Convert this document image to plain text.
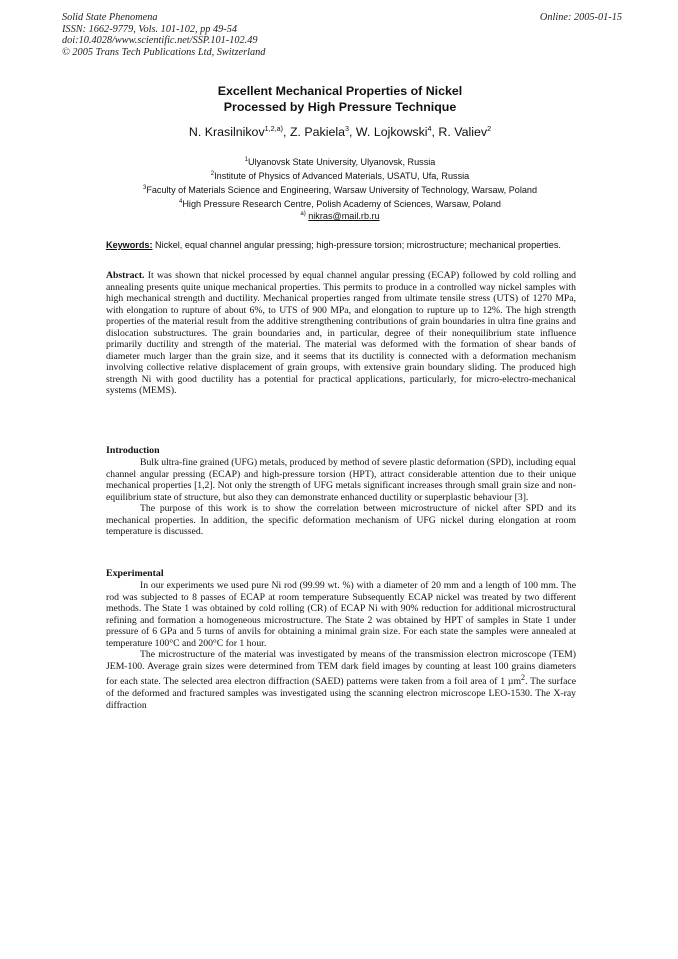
Solid State Phenomena
ISSN: 1662-9779, Vols. 101-102, pp 49-54
doi:10.4028/www.scientific.net/SSP.101-102.49
© 2005 Trans Tech Publications Ltd, Switzerland
Online: 2005-01-15
Excellent Mechanical Properties of Nickel
Processed by High Pressure Technique
N. Krasilnikov$^{1,2,a)}$, Z. Pakiela$^3$, W. Lojkowski$^4$, R. Valiev$^2$
$^1$Ulyanovsk State University, Ulyanovsk, Russia
$^2$Institute of Physics of Advanced Materials, USATU, Ufa, Russia
$^3$Faculty of Materials Science and Engineering, Warsaw University of Technology, Warsaw, Poland
$^4$High Pressure Research Centre, Polish Academy of Sciences, Warsaw, Poland
$^{a)}$ nikras@mail.rb.ru
Keywords: Nickel, equal channel angular pressing; high-pressure torsion; microstructure; mechanical properties.
Abstract. It was shown that nickel processed by equal channel angular pressing (ECAP) followed by cold rolling and annealing presents quite unique mechanical properties. This permits to produce in a controlled way nickel samples with high mechanical strength and ductility. Mechanical properties ranged from ultimate tensile stress (UTS) of 1270 MPa, with elongation to rupture of about 6%, to UTS of 900 MPa, and elongation to rupture up to 12%. The high strength properties of the material result from the additive strengthening contributions of grain boundaries in ultra fine grains and dislocation substructures. The grain boundaries and, in particular, degree of their nonequilibrium state influence primarily ductility and strength of the material. The material was deformed with the formation of shear bands of diameter much larger than the grain size, and it seems that its ductility is connected with a deformation mechanism involving collective relative displacement of grain groups, with extensive grain boundary sliding. The produced high strength Ni with good ductility has a potential for practical applications, particularly, for micro-electro-mechanical systems (MEMS).
Introduction

Bulk ultra-fine grained (UFG) metals, produced by method of severe plastic deformation (SPD), including equal channel angular pressing (ECAP) and high-pressure torsion (HPT), attract considerable attention due to their unique mechanical properties [1,2]. Not only the strength of UFG metals significant increases through small grain size and non-equilibrium state of structure, but also they can demonstrate enhanced ductility or superplastic behaviour [3].

The purpose of this work is to show the correlation between microstructure of nickel after SPD and its mechanical properties. In addition, the specific deformation mechanism of UFG nickel during elongation at room temperature is discussed.

Experimental

In our experiments we used pure Ni rod (99.99 wt. %) with a diameter of 20 mm and a length of 100 mm. The rod was subjected to 8 passes of ECAP at room temperature Subsequently ECAP nickel was treated by two different methods. The State 1 was obtained by cold rolling (CR) of ECAP Ni with 90% reduction for additional microstructural refining and formation a homogeneous microstructure. The State 2 was obtained by HPT of samples in State 1 under pressure of 6 GPa and 5 turns of anvils for obtaining a minimal grain size. For each state the samples were annealed at temperature 100°C and 200°C for 1 hour.

The microstructure of the material was investigated by means of the transmission electron microscope (TEM) JEM-100. Average grain sizes were determined from TEM dark field images by counting at least 100 grains diameters for each state. The selected area electron diffraction (SAED) patterns were taken from a foil area of 1 µm$^2$. The surface of the deformed and fractured samples was investigated using the scanning electron microscope LEO-1530. The X-ray diffraction
